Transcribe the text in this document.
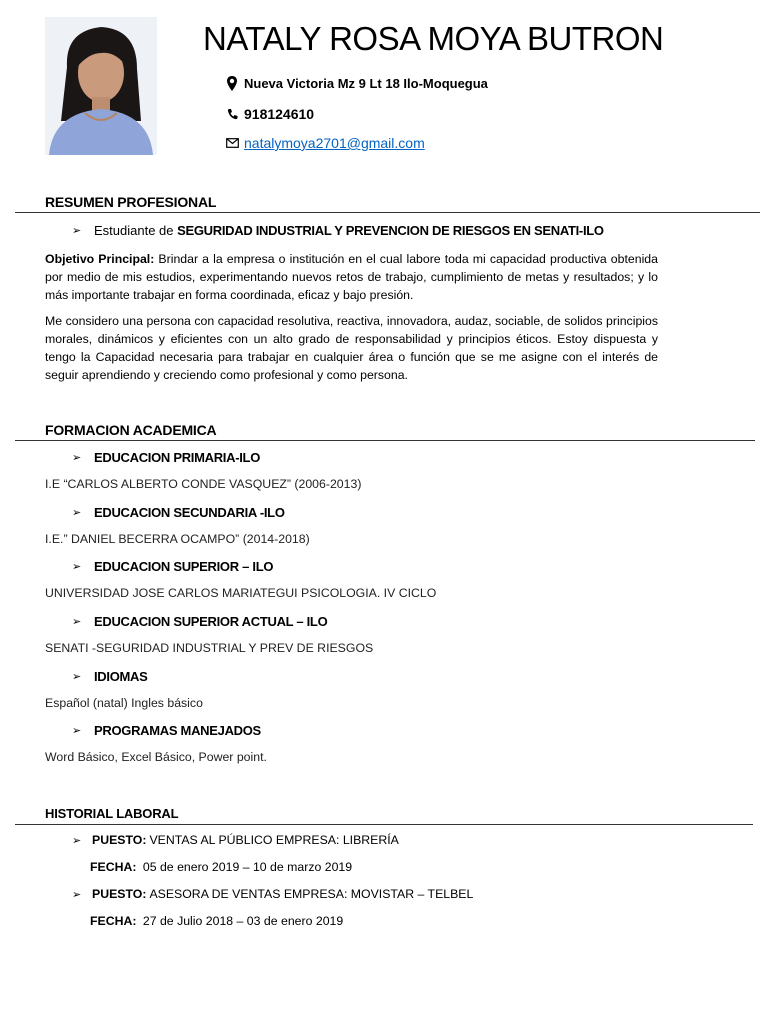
NATALY ROSA MOYA BUTRON
Nueva Victoria Mz 9 Lt 18 Ilo-Moquegua
918124610
natalymoya2701@gmail.com
RESUMEN PROFESIONAL
➢ Estudiante de SEGURIDAD INDUSTRIAL Y PREVENCION DE RIESGOS EN SENATI-ILO

Objetivo Principal: Brindar a la empresa o institución en el cual labore toda mi capacidad productiva obtenida por medio de mis estudios, experimentando nuevos retos de trabajo, cumplimiento de metas y resultados; y lo más importante trabajar en forma coordinada, eficaz y bajo presión.

Me considero una persona con capacidad resolutiva, reactiva, innovadora, audaz, sociable, de solidos principios morales, dinámicos y eficientes con un alto grado de responsabilidad y principios éticos. Estoy dispuesta y tengo la Capacidad necesaria para trabajar en cualquier área o función que se me asigne con el interés de seguir aprendiendo y creciendo como profesional y como persona.

FORMACION ACADEMICA
➢ EDUCACION PRIMARIA-ILO
I.E “CARLOS ALBERTO CONDE VASQUEZ” (2006-2013)
➢ EDUCACION SECUNDARIA -ILO
I.E.” DANIEL BECERRA OCAMPO” (2014-2018)
➢ EDUCACION SUPERIOR – ILO
UNIVERSIDAD JOSE CARLOS MARIATEGUI PSICOLOGIA. IV CICLO
➢ EDUCACION SUPERIOR ACTUAL – ILO
SENATI -SEGURIDAD INDUSTRIAL Y PREV DE RIESGOS
➢ IDIOMAS
Español (natal) Ingles básico
➢ PROGRAMAS MANEJADOS
Word Básico, Excel Básico, Power point.
HISTORIAL LABORAL
➢ PUESTO: VENTAS AL PÚBLICO EMPRESA: LIBRERÍA
FECHA: 05 de enero 2019 – 10 de marzo 2019
➢ PUESTO: ASESORA DE VENTAS EMPRESA: MOVISTAR – TELBEL
FECHA: 27 de Julio 2018 – 03 de enero 2019
